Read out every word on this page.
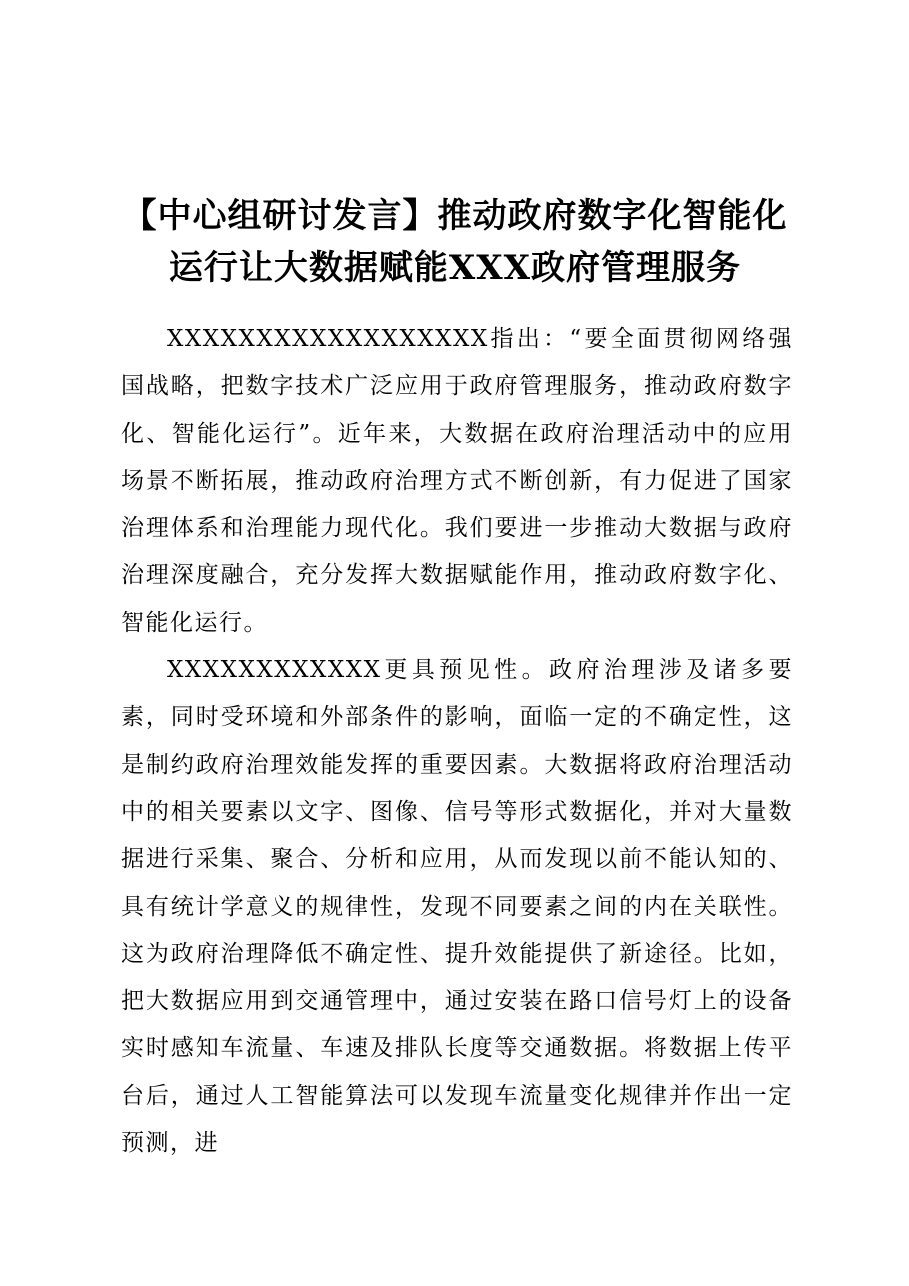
【中心组研讨发言】推动政府数字化智能化运行让大数据赋能XXX政府管理服务

XXXXXXXXXXXXXXXXXX指出：“要全面贯彻网络强国战略，把数字技术广泛应用于政府管理服务，推动政府数字化、智能化运行”。近年来，大数据在政府治理活动中的应用场景不断拓展，推动政府治理方式不断创新，有力促进了国家治理体系和治理能力现代化。我们要进一步推动大数据与政府治理深度融合，充分发挥大数据赋能作用，推动政府数字化、智能化运行。

XXXXXXXXXXXX更具预见性。政府治理涉及诸多要素，同时受环境和外部条件的影响，面临一定的不确定性，这是制约政府治理效能发挥的重要因素。大数据将政府治理活动中的相关要素以文字、图像、信号等形式数据化，并对大量数据进行采集、聚合、分析和应用，从而发现以前不能认知的、具有统计学意义的规律性，发现不同要素之间的内在关联性。这为政府治理降低不确定性、提升效能提供了新途径。比如，把大数据应用到交通管理中，通过安装在路口信号灯上的设备实时感知车流量、车速及排队长度等交通数据。将数据上传平台后，通过人工智能算法可以发现车流量变化规律并作出一定预测，进
